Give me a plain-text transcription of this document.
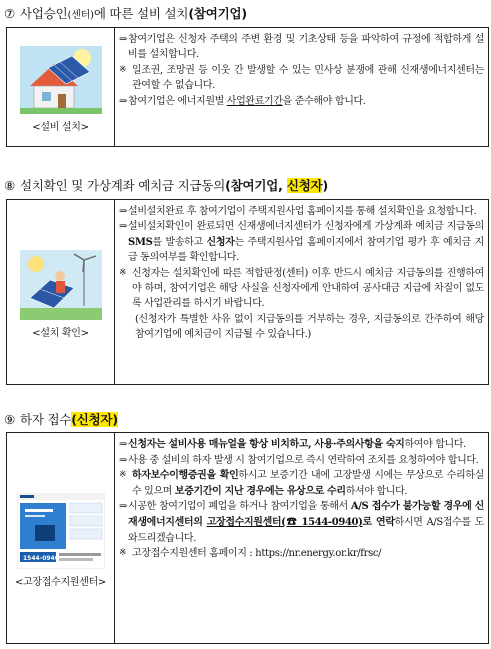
⑦ 사업승인(센터)에 따른 설비 설치(참여기업)
<설비 설치>
⇒ 참여기업은 신청자 주택의 주변 환경 및 기초상태 등을 파악하여 규정에 적합하게 설비를 설치합니다.
※ 일조권, 조망권 등 이웃 간 발생할 수 있는 민사상 분쟁에 관해 신재생에너지센터는 관여할 수 없습니다.
⇒ 참여기업은 에너지원별 사업완료기간을 준수해야 합니다.
⑧ 설치확인 및 가상계좌 예치금 지급동의(참여기업, 신청자)
<설치 확인>
⇒ 설비설치완료 후 참여기업이 주택지원사업 홈페이지를 통해 설치확인을 요청합니다.
⇒ 설비설치확인이 완료되면 신재생에너지센터가 신청자에게 가상계좌 예치금 지급동의 SMS를 발송하고 신청자는 주택지원사업 홈페이지에서 참여기업 평가 후 예치금 지급 동의여부를 확인합니다.
※ 신청자는 설치확인에 따른 적합판정(센터) 이후 반드시 예치금 지급동의를 진행하여야 하며, 참여기업은 해당 사실을 신청자에게 안내하여 공사대금 지급에 차질이 없도록 사업관리를 하시기 바랍니다.
(신청자가 특별한 사유 없이 지급동의를 거부하는 경우, 지급동의로 간주하여 해당 참여기업에 예치금이 지급될 수 있습니다.)
⑨ 하자 접수(신청자)
1544-0940
<고장접수지원센터>
⇒ 신청자는 설비사용 매뉴얼을 항상 비치하고, 사용·주의사항을 숙지하여야 합니다.
⇒ 사용 중 설비의 하자 발생 시 참여기업으로 즉시 연락하여 조치를 요청하여야 합니다.
※ 하자보수이행증권을 확인하시고 보증기간 내에 고장발생 시에는 무상으로 수리하실 수 있으며 보증기간이 지난 경우에는 유상으로 수리하셔야 합니다.
⇒ 시공한 참여기업이 폐업을 하거나 참여기업을 통해서 A/S 접수가 불가능할 경우에 신재생에너지센터의 고장접수지원센터(☎ 1544-0940)로 연락하시면 A/S접수를 도와드리겠습니다.
※ 고장접수지원센터 홈페이지 : https://nr.energy.or.kr/frsc/
